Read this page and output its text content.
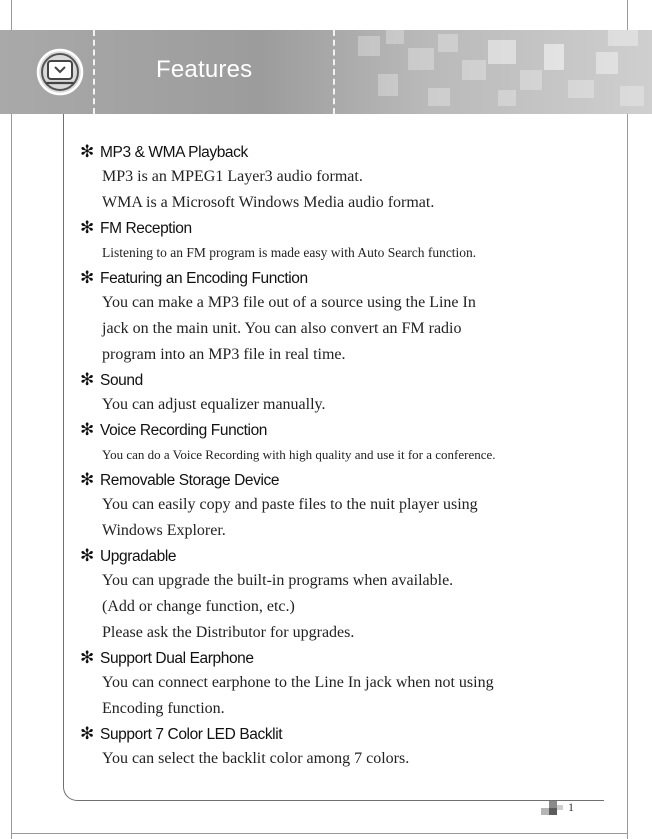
Features
✻ MP3 & WMA Playback
MP3 is an MPEG1 Layer3 audio format.
WMA is a Microsoft Windows Media audio format.
✻ FM Reception
Listening to an FM program is made easy with Auto Search function.
✻ Featuring an Encoding Function
You can make a MP3 file out of a source using the Line In
jack on the main unit. You can also convert an FM radio
program into an MP3 file in real time.
✻ Sound
You can adjust equalizer manually.
✻ Voice Recording Function
You can do a Voice Recording with high quality and use it for a conference.
✻ Removable Storage Device
You can easily copy and paste files to the nuit player using
Windows Explorer.
✻ Upgradable
You can upgrade the built-in programs when available.
(Add or change function, etc.)
Please ask the Distributor for upgrades.
✻ Support Dual Earphone
You can connect earphone to the Line In jack when not using
Encoding function.
✻ Support 7 Color LED Backlit
You can select the backlit color among 7 colors.
1
